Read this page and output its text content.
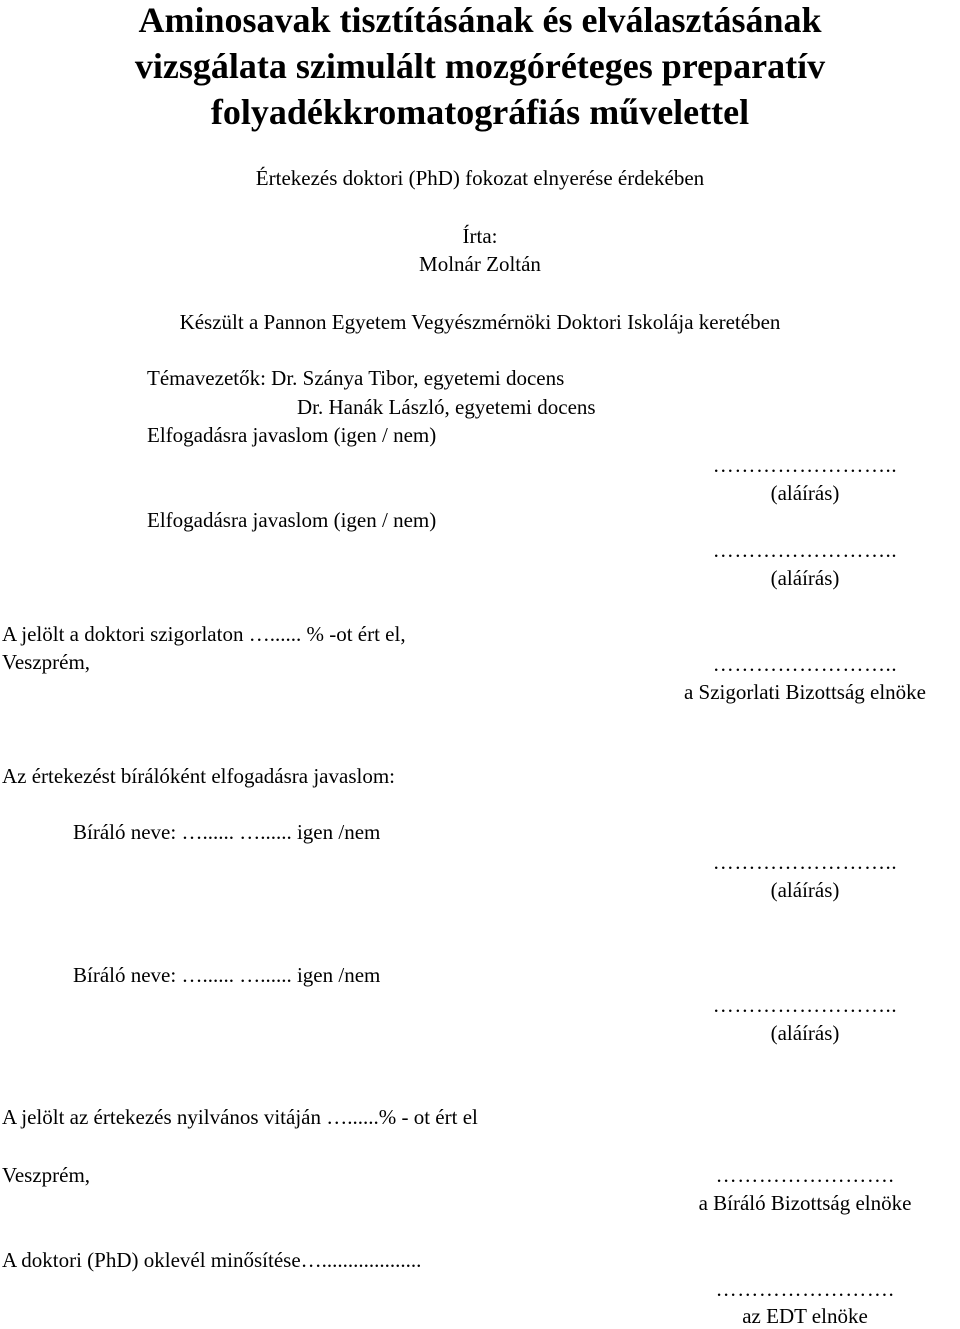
Aminosavak tisztításának és elválasztásának
vizsgálata szimulált mozgóréteges preparatív
folyadékkromatográfiás művelettel
Értekezés doktori (PhD) fokozat elnyerése érdekében
Írta:
Molnár Zoltán
Készült a Pannon Egyetem Vegyészmérnöki Doktori Iskolája keretében
Témavezetők: Dr. Szánya Tibor, egyetemi docens
Dr. Hanák László, egyetemi docens
Elfogadásra javaslom (igen / nem)
……………………..
(aláírás)
Elfogadásra javaslom (igen / nem)
……………………..
(aláírás)
A jelölt a doktori szigorlaton …...... % -ot ért el,
Veszprém,	……………………..
a Szigorlati Bizottság elnöke
Az értekezést bírálóként elfogadásra javaslom:
Bíráló neve: …...... …...... igen /nem
……………………..
(aláírás)
Bíráló neve: …...... …...... igen /nem
……………………..
(aláírás)
A jelölt az értekezés nyilvános vitáján …......% - ot ért el
Veszprém,	…………………….
a Bíráló Bizottság elnöke
A doktori (PhD) oklevél minősítése…...................
…………………….
az EDT elnöke
